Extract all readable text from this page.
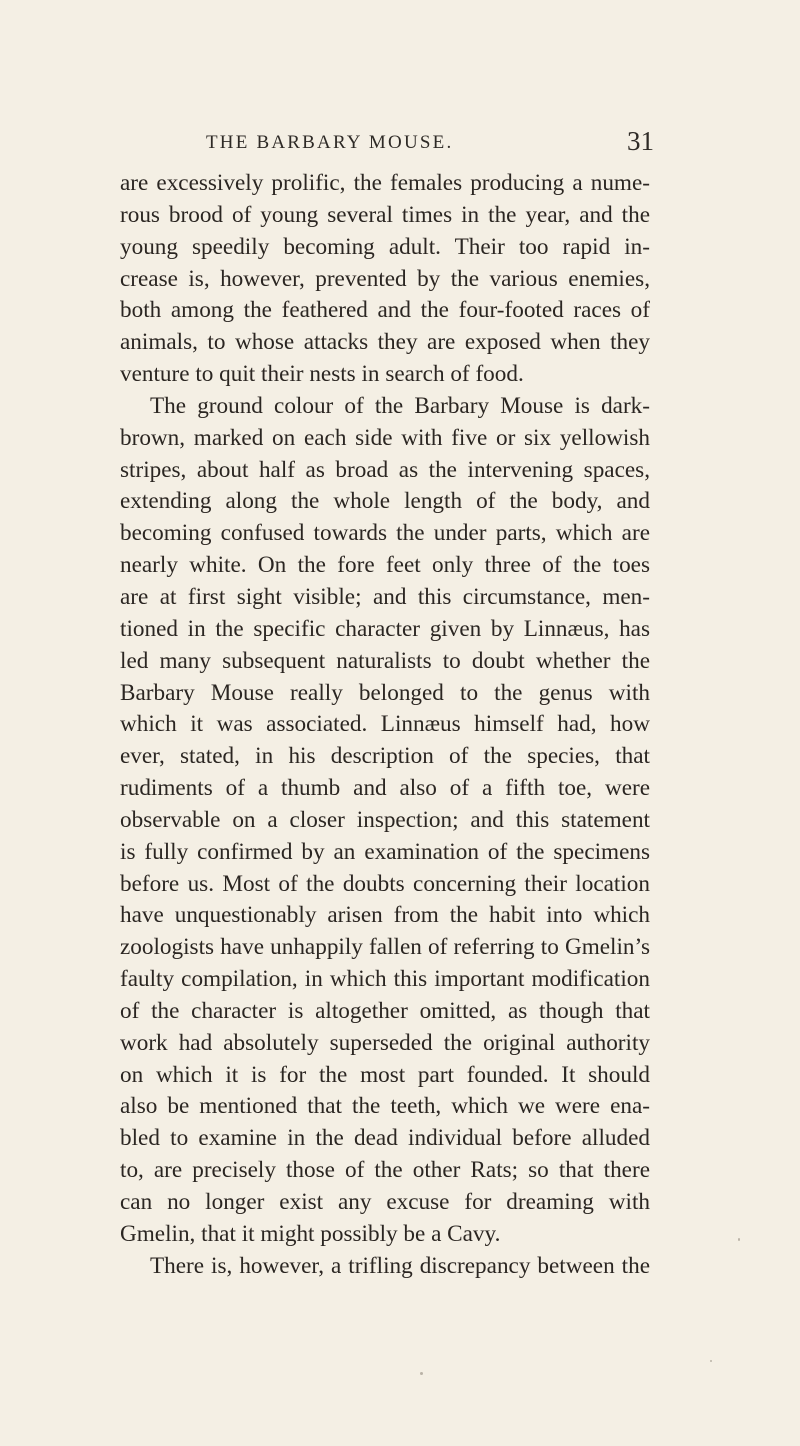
THE BARBARY MOUSE.	31
are excessively prolific, the females producing a nume-
rous brood of young several times in the year, and the
young speedily becoming adult. Their too rapid in-
crease is, however, prevented by the various enemies,
both among the feathered and the four-footed races of
animals, to whose attacks they are exposed when they
venture to quit their nests in search of food.
The ground colour of the Barbary Mouse is dark-
brown, marked on each side with five or six yellowish
stripes, about half as broad as the intervening spaces,
extending along the whole length of the body, and
becoming confused towards the under parts, which are
nearly white. On the fore feet only three of the toes
are at first sight visible; and this circumstance, men-
tioned in the specific character given by Linnæus, has
led many subsequent naturalists to doubt whether the
Barbary Mouse really belonged to the genus with
which it was associated. Linnæus himself had, how
ever, stated, in his description of the species, that
rudiments of a thumb and also of a fifth toe, were
observable on a closer inspection; and this statement
is fully confirmed by an examination of the specimens
before us. Most of the doubts concerning their location
have unquestionably arisen from the habit into which
zoologists have unhappily fallen of referring to Gmelin’s
faulty compilation, in which this important modification
of the character is altogether omitted, as though that
work had absolutely superseded the original authority
on which it is for the most part founded. It should
also be mentioned that the teeth, which we were ena-
bled to examine in the dead individual before alluded
to, are precisely those of the other Rats; so that there
can no longer exist any excuse for dreaming with
Gmelin, that it might possibly be a Cavy.
There is, however, a trifling discrepancy between the
